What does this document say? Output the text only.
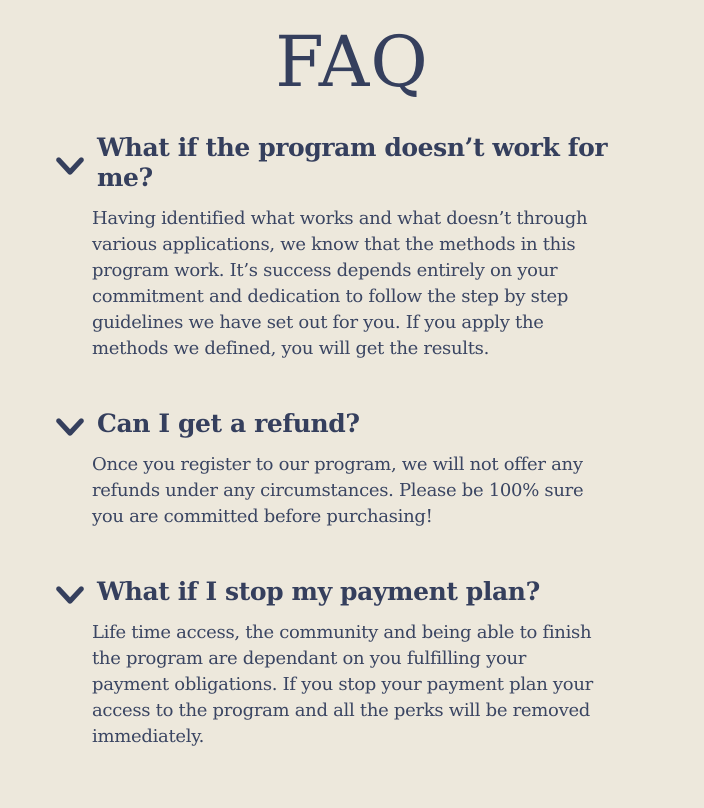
FAQ
What if the program doesn’t work for me?

Having identified what works and what doesn’t through various applications, we know that the methods in this program work. It’s success depends entirely on your commitment and dedication to follow the step by step guidelines we have set out for you. If you apply the methods we defined, you will get the results.

Can I get a refund?

Once you register to our program, we will not offer any refunds under any circumstances. Please be 100% sure you are committed before purchasing!

What if I stop my payment plan?

Life time access, the community and being able to finish the program are dependant on you fulfilling your payment obligations. If you stop your payment plan your access to the program and all the perks will be removed immediately.
